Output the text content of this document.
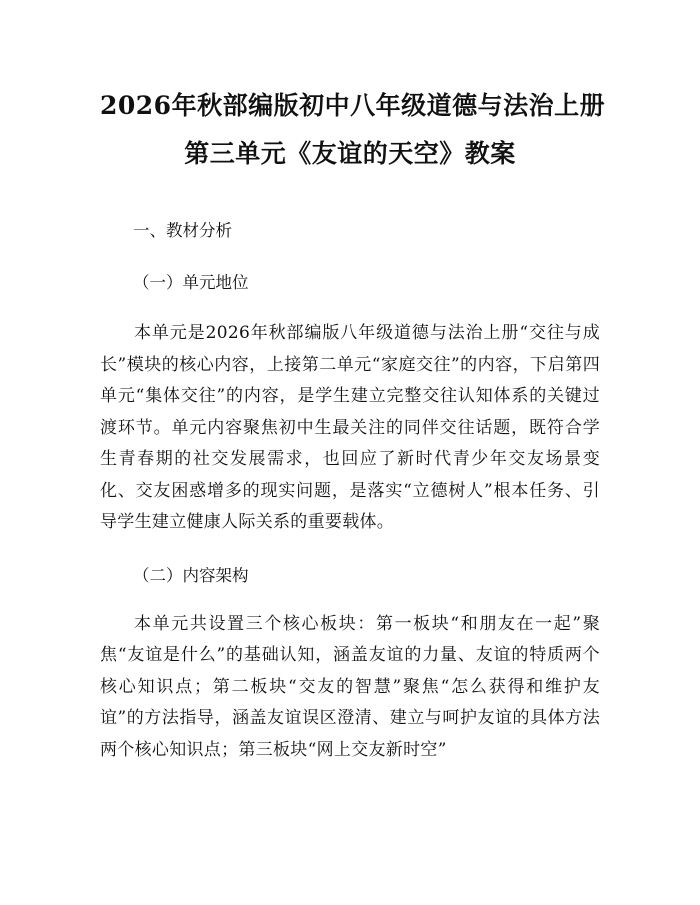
2026年秋部编版初中八年级道德与法治上册
第三单元《友谊的天空》教案

一、教材分析

（一）单元地位

本单元是2026年秋部编版八年级道德与法治上册“交往与成长”模块的核心内容，上接第二单元“家庭交往”的内容，下启第四单元“集体交往”的内容，是学生建立完整交往认知体系的关键过渡环节。单元内容聚焦初中生最关注的同伴交往话题，既符合学生青春期的社交发展需求，也回应了新时代青少年交友场景变化、交友困惑增多的现实问题，是落实“立德树人”根本任务、引导学生建立健康人际关系的重要载体。

（二）内容架构

本单元共设置三个核心板块：第一板块“和朋友在一起”聚焦“友谊是什么”的基础认知，涵盖友谊的力量、友谊的特质两个核心知识点；第二板块“交友的智慧”聚焦“怎么获得和维护友谊”的方法指导，涵盖友谊误区澄清、建立与呵护友谊的具体方法两个核心知识点；第三板块“网上交友新时空”
